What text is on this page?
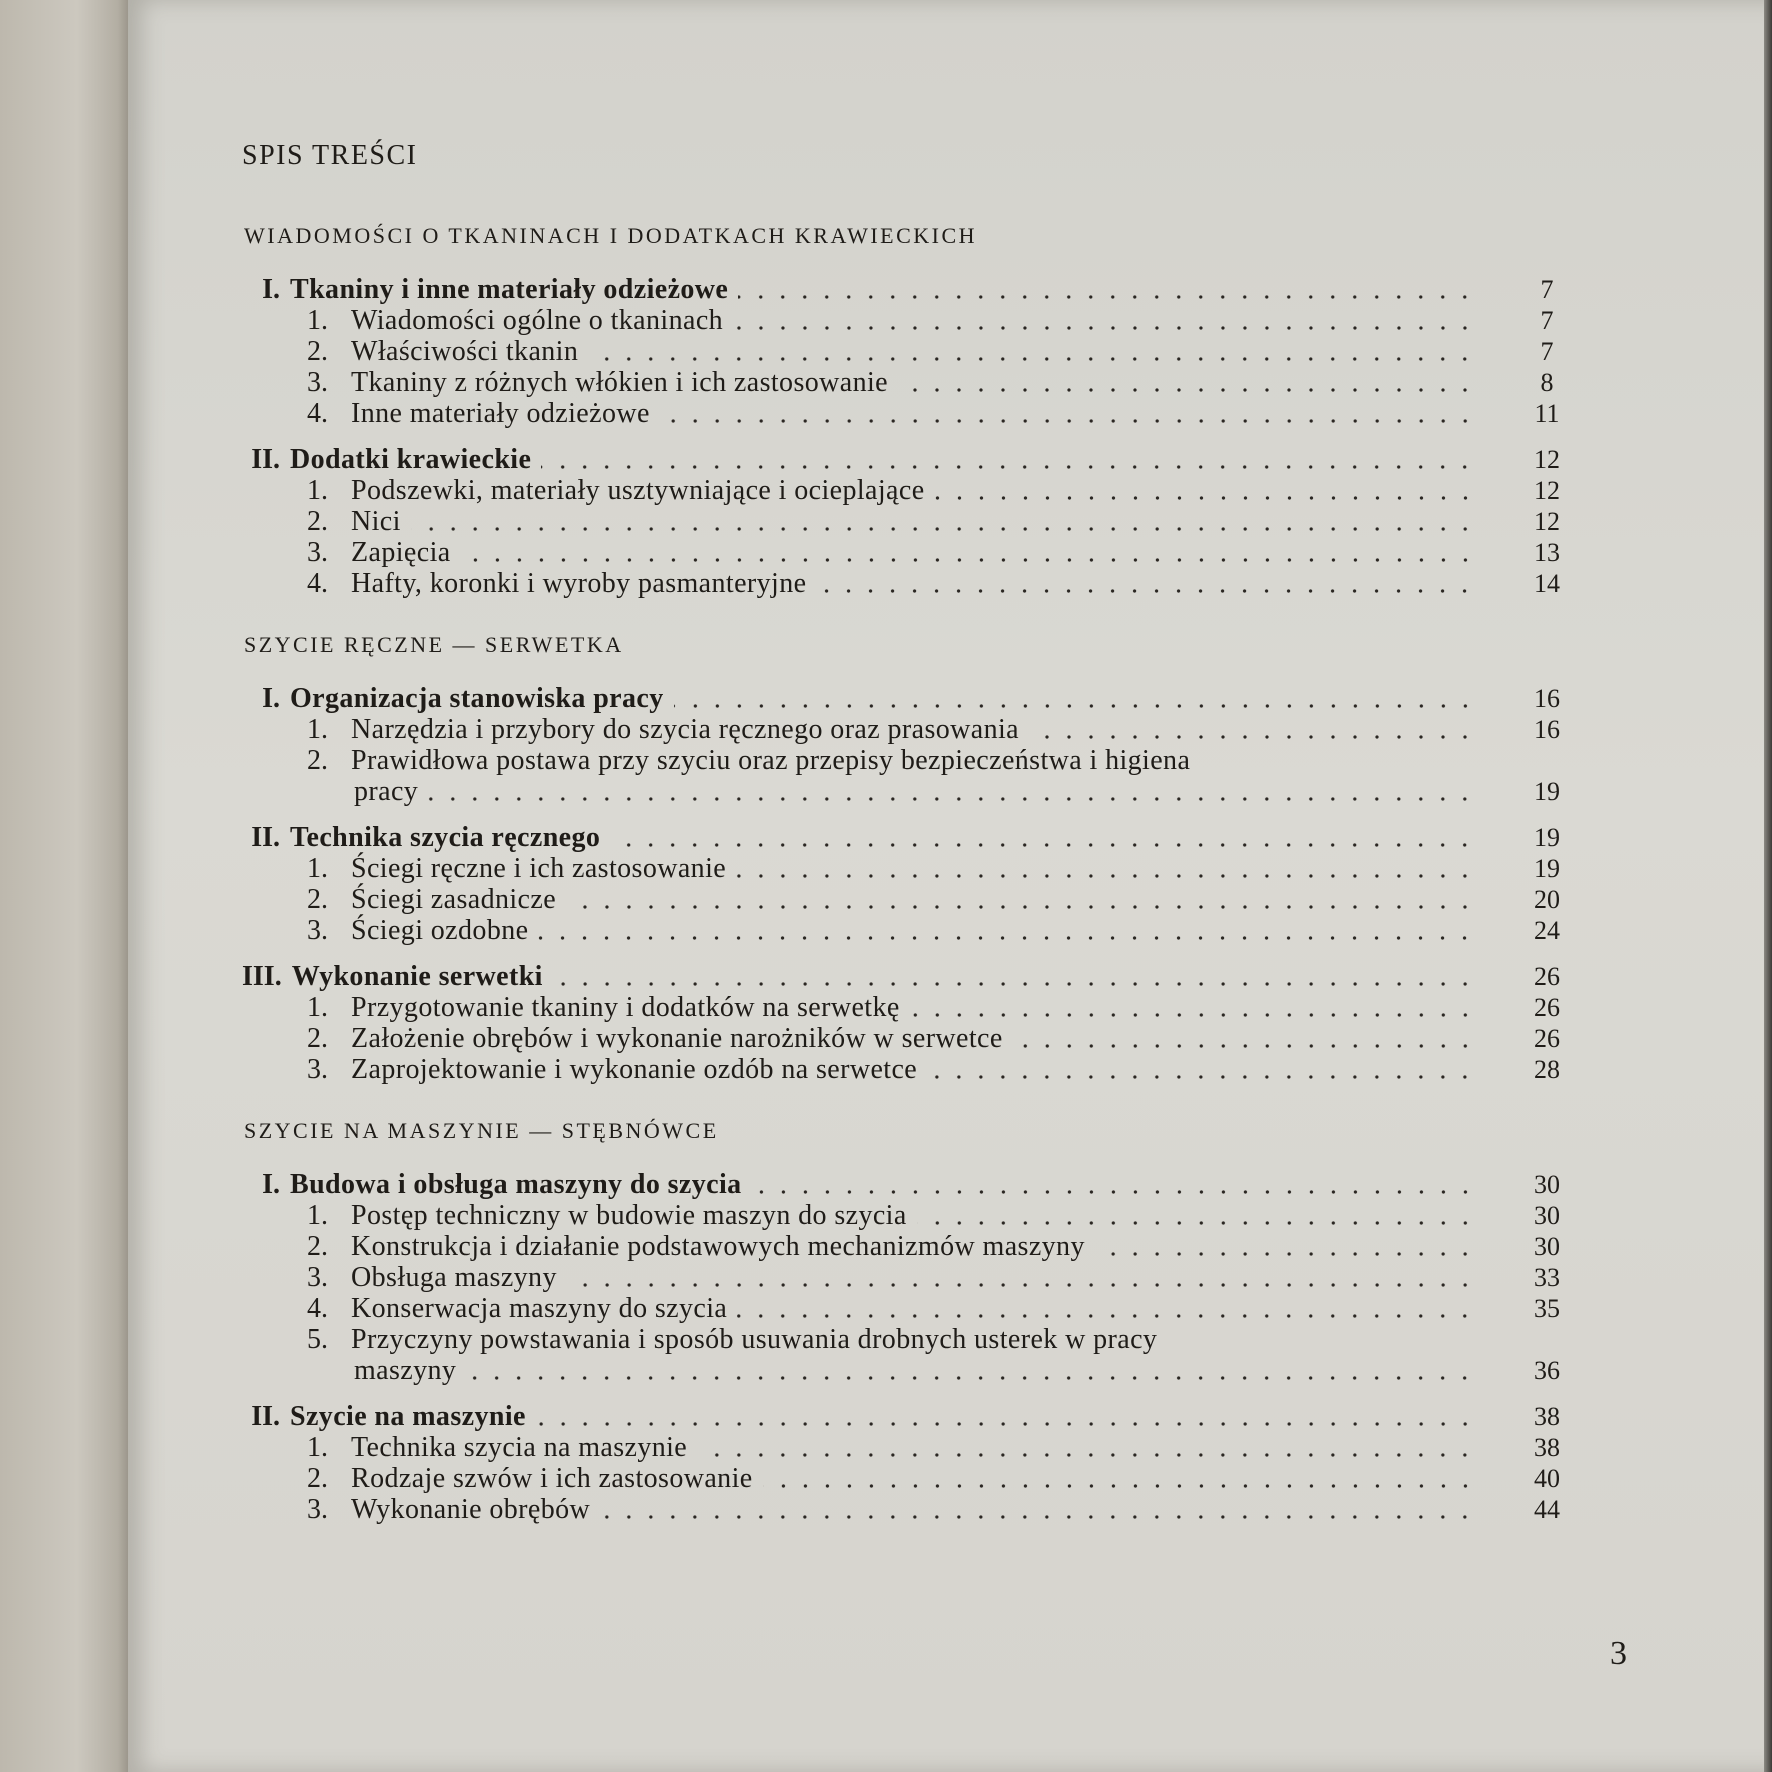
SPIS TREŚCI
WIADOMOŚCI O TKANINACH I DODATKACH KRAWIECKICH
I. Tkaniny i inne materiały odzieżowe	7
1. Wiadomości ogólne o tkaninach	7
2. Właściwości tkanin	7
3. Tkaniny z różnych włókien i ich zastosowanie	8
4. Inne materiały odzieżowe	11
II. Dodatki krawieckie	12
1. Podszewki, materiały usztywniające i ocieplające	12
2. Nici	12
3. Zapięcia	13
4. Hafty, koronki i wyroby pasmanteryjne	14
SZYCIE RĘCZNE — SERWETKA
I. Organizacja stanowiska pracy	16
1. Narzędzia i przybory do szycia ręcznego oraz prasowania	16
2. Prawidłowa postawa przy szyciu oraz przepisy bezpieczeństwa i higiena
pracy	19
II. Technika szycia ręcznego	19
1. Ściegi ręczne i ich zastosowanie	19
2. Ściegi zasadnicze	20
3. Ściegi ozdobne	24
III. Wykonanie serwetki	26
1. Przygotowanie tkaniny i dodatków na serwetkę	26
2. Założenie obrębów i wykonanie narożników w serwetce	26
3. Zaprojektowanie i wykonanie ozdób na serwetce	28
SZYCIE NA MASZYNIE — STĘBNÓWCE
I. Budowa i obsługa maszyny do szycia	30
1. Postęp techniczny w budowie maszyn do szycia	30
2. Konstrukcja i działanie podstawowych mechanizmów maszyny	30
3. Obsługa maszyny	33
4. Konserwacja maszyny do szycia	35
5. Przyczyny powstawania i sposób usuwania drobnych usterek w pracy
maszyny	36
II. Szycie na maszynie	38
1. Technika szycia na maszynie	38
2. Rodzaje szwów i ich zastosowanie	40
3. Wykonanie obrębów	44
3
